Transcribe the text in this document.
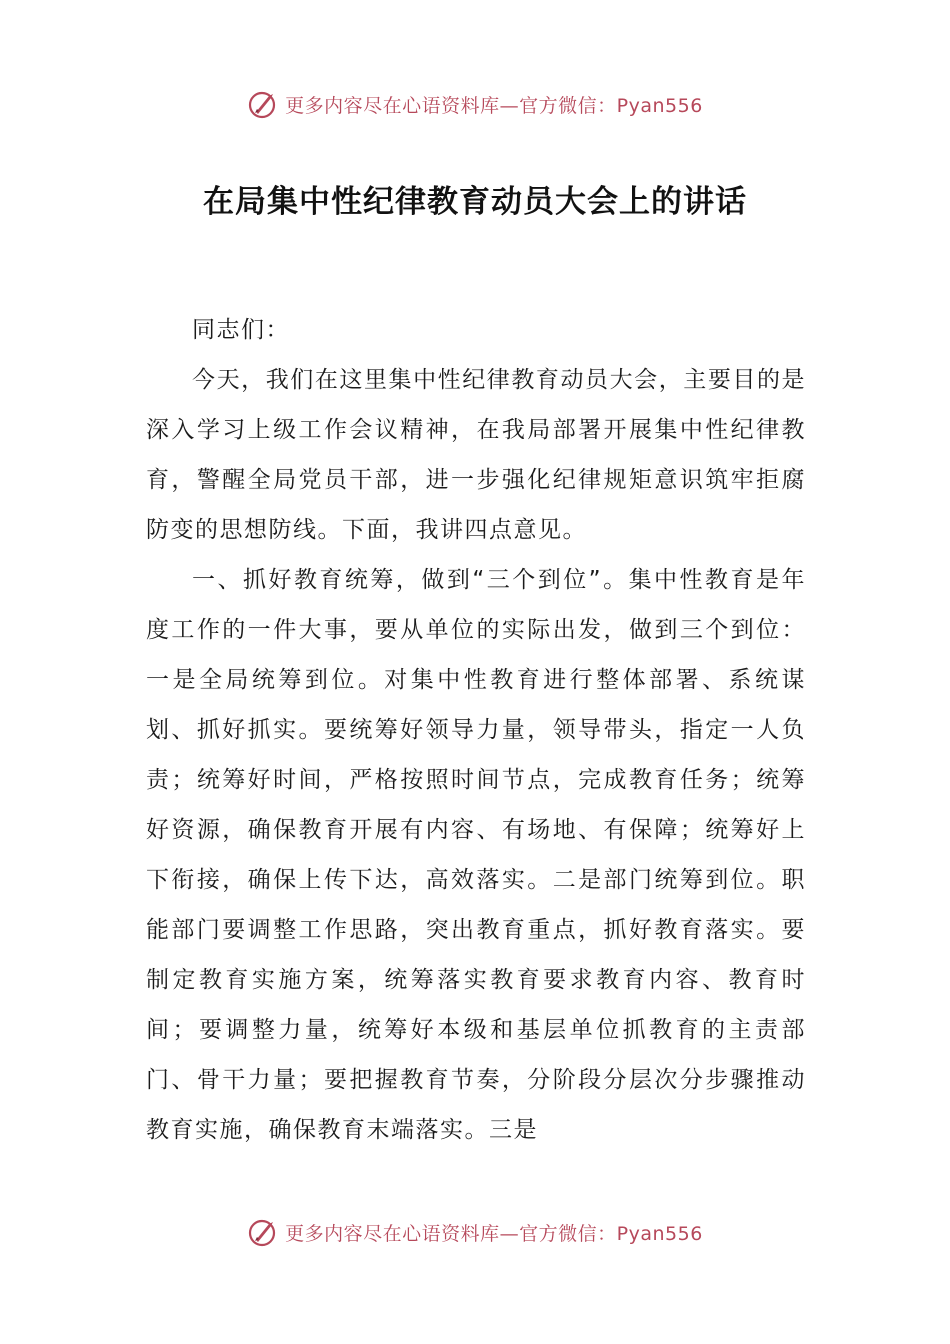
更多内容尽在心语资料库—官方微信：Pyan556
在局集中性纪律教育动员大会上的讲话

同志们：

今天，我们在这里集中性纪律教育动员大会，主要目的是深入学习上级工作会议精神，在我局部署开展集中性纪律教育，警醒全局党员干部，进一步强化纪律规矩意识筑牢拒腐防变的思想防线。下面，我讲四点意见。

一、抓好教育统筹，做到“三个到位”。集中性教育是年度工作的一件大事，要从单位的实际出发，做到三个到位：一是全局统筹到位。对集中性教育进行整体部署、系统谋划、抓好抓实。要统筹好领导力量，领导带头，指定一人负责；统筹好时间，严格按照时间节点，完成教育任务；统筹好资源，确保教育开展有内容、有场地、有保障；统筹好上下衔接，确保上传下达，高效落实。二是部门统筹到位。职能部门要调整工作思路，突出教育重点，抓好教育落实。要制定教育实施方案，统筹落实教育要求教育内容、教育时间；要调整力量，统筹好本级和基层单位抓教育的主责部门、骨干力量；要把握教育节奏，分阶段分层次分步骤推动教育实施，确保教育末端落实。三是

更多内容尽在心语资料库—官方微信：Pyan556
